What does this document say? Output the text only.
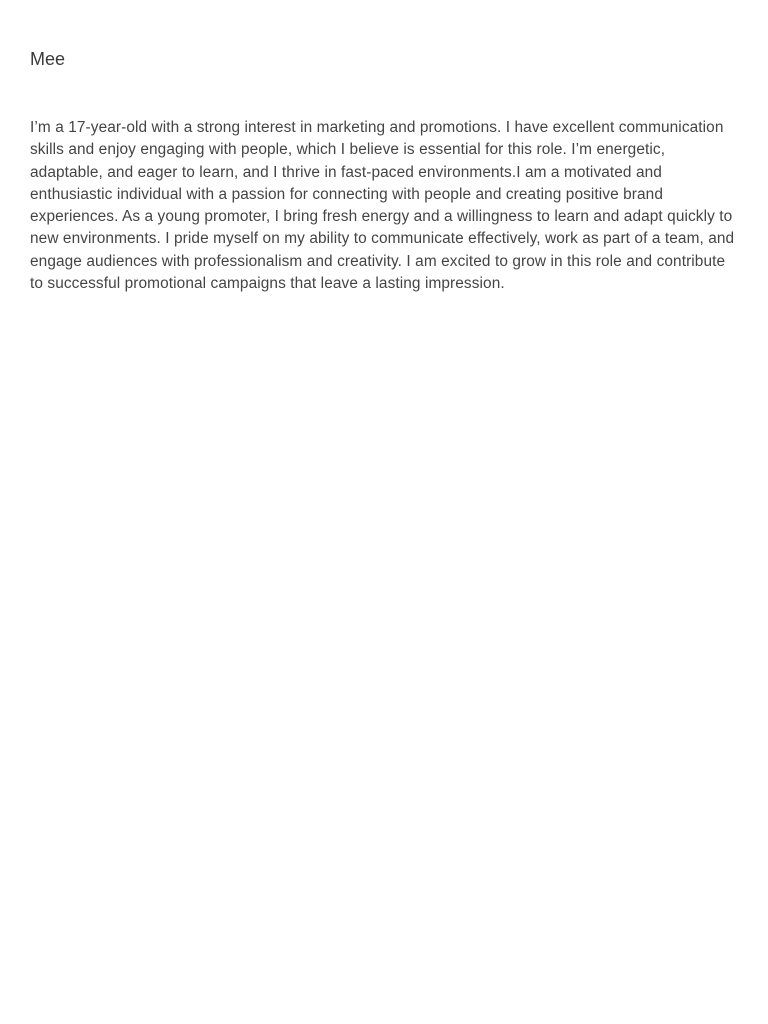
Mee

I’m a 17-year-old with a strong interest in marketing and promotions. I have excellent communication skills and enjoy engaging with people, which I believe is essential for this role. I’m energetic, adaptable, and eager to learn, and I thrive in fast-paced environments.I am a motivated and enthusiastic individual with a passion for connecting with people and creating positive brand experiences. As a young promoter, I bring fresh energy and a willingness to learn and adapt quickly to new environments. I pride myself on my ability to communicate effectively, work as part of a team, and engage audiences with professionalism and creativity. I am excited to grow in this role and contribute to successful promotional campaigns that leave a lasting impression.
